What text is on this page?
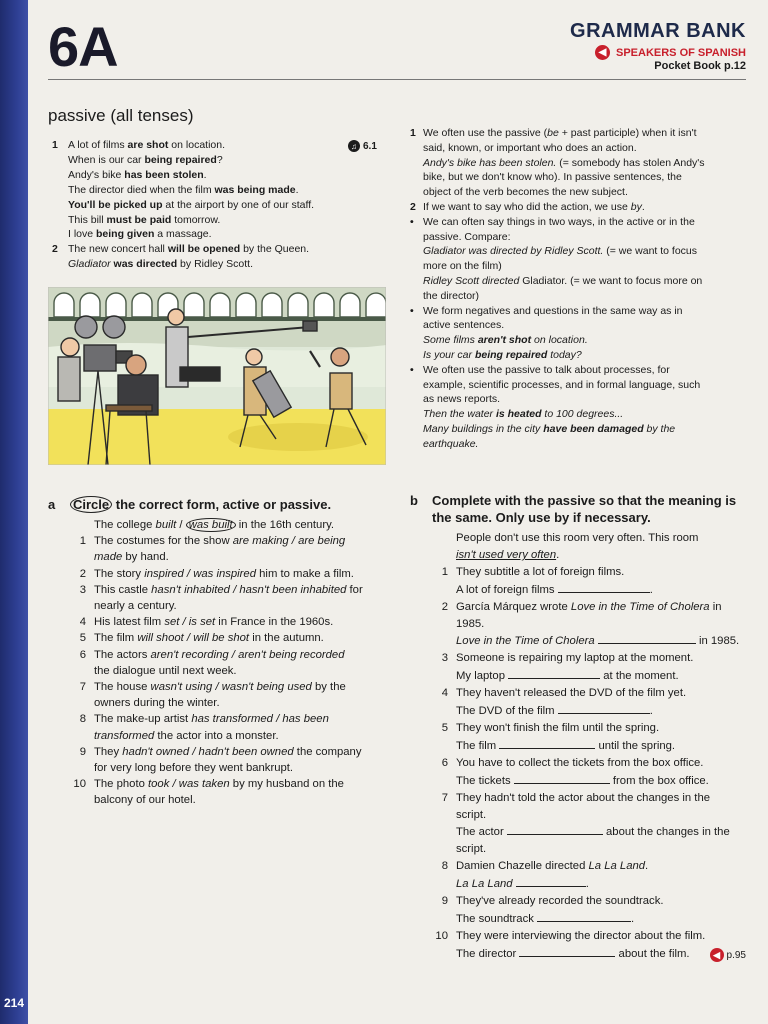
214
6A	GRAMMAR BANK
◀ SPEAKERS OF SPANISH
Pocket Book p.12
passive (all tenses)
♫ 6.1
1 A lot of films are shot on location.
When is our car being repaired?
Andy's bike has been stolen.
The director died when the film was being made.
You'll be picked up at the airport by one of our staff.
This bill must be paid tomorrow.
I love being given a massage.
2 The new concert hall will be opened by the Queen.
Gladiator was directed by Ridley Scott.
1 We often use the passive (be + past participle) when it isn't
said, known, or important who does an action.
Andy's bike has been stolen. (= somebody has stolen Andy's
bike, but we don't know who). In passive sentences, the
object of the verb becomes the new subject.
2 If we want to say who did the action, we use by.
• We can often say things in two ways, in the active or in the
passive. Compare:
Gladiator was directed by Ridley Scott. (= we want to focus
more on the film)
Ridley Scott directed Gladiator. (= we want to focus more on
the director)
• We form negatives and questions in the same way as in
active sentences.
Some films aren't shot on location.
Is your car being repaired today?
• We often use the passive to talk about processes, for
example, scientific processes, and in formal language, such
as news reports.
Then the water is heated to 100 degrees...
Many buildings in the city have been damaged by the
earthquake.
a	Circle the correct form, active or passive.
The college built / was built in the 16th century.
1 The costumes for the show are making / are being
made by hand.
2 The story inspired / was inspired him to make a film.
3 This castle hasn't inhabited / hasn't been inhabited for
nearly a century.
4 His latest film set / is set in France in the 1960s.
5 The film will shoot / will be shot in the autumn.
6 The actors aren't recording / aren't being recorded
the dialogue until next week.
7 The house wasn't using / wasn't being used by the
owners during the winter.
8 The make-up artist has transformed / has been
transformed the actor into a monster.
9 They hadn't owned / hadn't been owned the company
for very long before they went bankrupt.
10 The photo took / was taken by my husband on the
balcony of our hotel.
b	Complete with the passive so that the meaning is
the same. Only use by if necessary.
People don't use this room very often. This room
isn't used very often.
1 They subtitle a lot of foreign films.
A lot of foreign films	.
2 García Márquez wrote Love in the Time of Cholera in
1985.
Love in the Time of Cholera	in 1985.
3 Someone is repairing my laptop at the moment.
My laptop	at the moment.
4 They haven't released the DVD of the film yet.
The DVD of the film	.
5 They won't finish the film until the spring.
The film	until the spring.
6 You have to collect the tickets from the box office.
The tickets	from the box office.
7 They hadn't told the actor about the changes in the
script.
The actor	about the changes in the
script.
8 Damien Chazelle directed La La Land.
La La Land	.
9 They've already recorded the soundtrack.
The soundtrack	.
10 They were interviewing the director about the film.
The director	about the film.	◀ p.95
